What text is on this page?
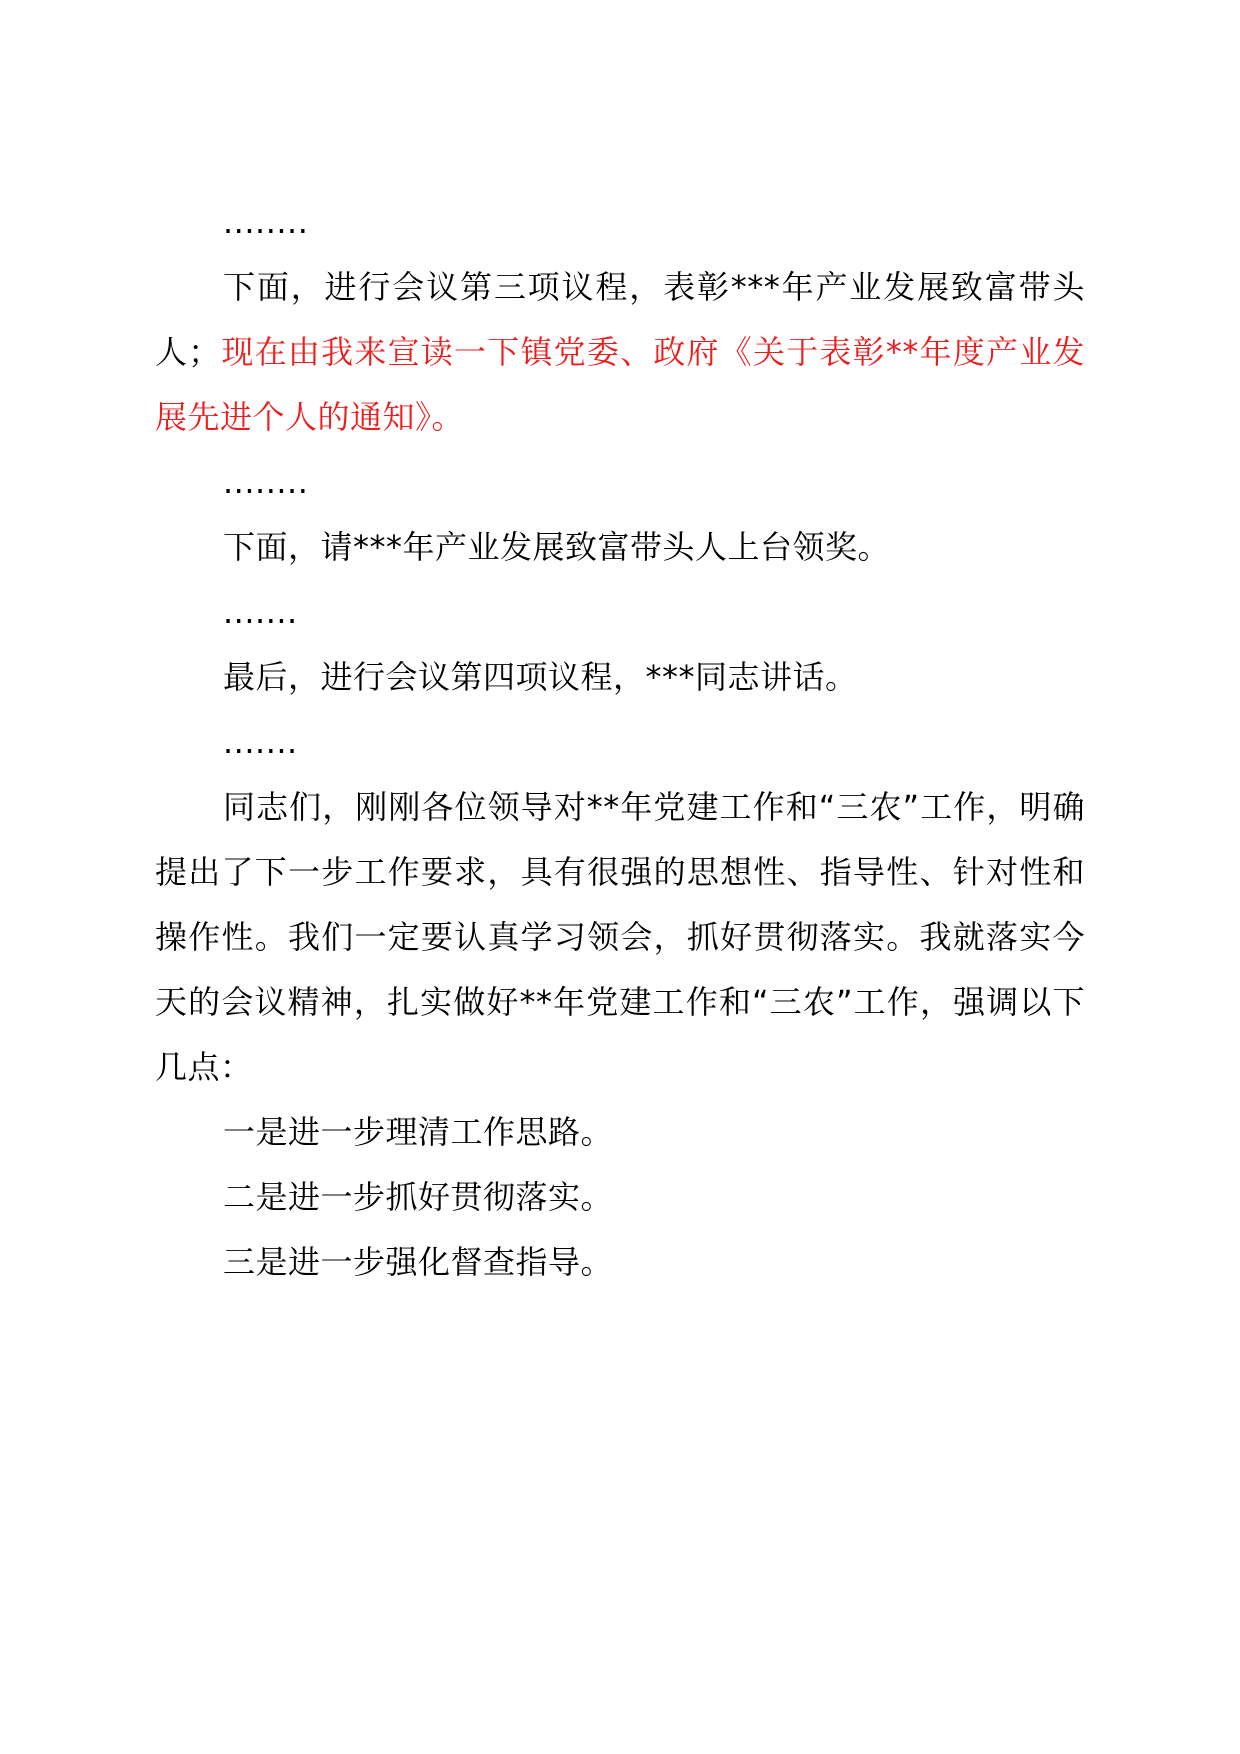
........

下面，进行会议第三项议程，表彰***年产业发展致富带头人；现在由我来宣读一下镇党委、政府《关于表彰**年度产业发展先进个人的通知》。

........

下面，请***年产业发展致富带头人上台领奖。

.......

最后，进行会议第四项议程，***同志讲话。

.......

同志们，刚刚各位领导对**年党建工作和“三农”工作，明确提出了下一步工作要求，具有很强的思想性、指导性、针对性和操作性。我们一定要认真学习领会，抓好贯彻落实。我就落实今天的会议精神，扎实做好**年党建工作和“三农”工作，强调以下几点：

一是进一步理清工作思路。

二是进一步抓好贯彻落实。

三是进一步强化督查指导。
